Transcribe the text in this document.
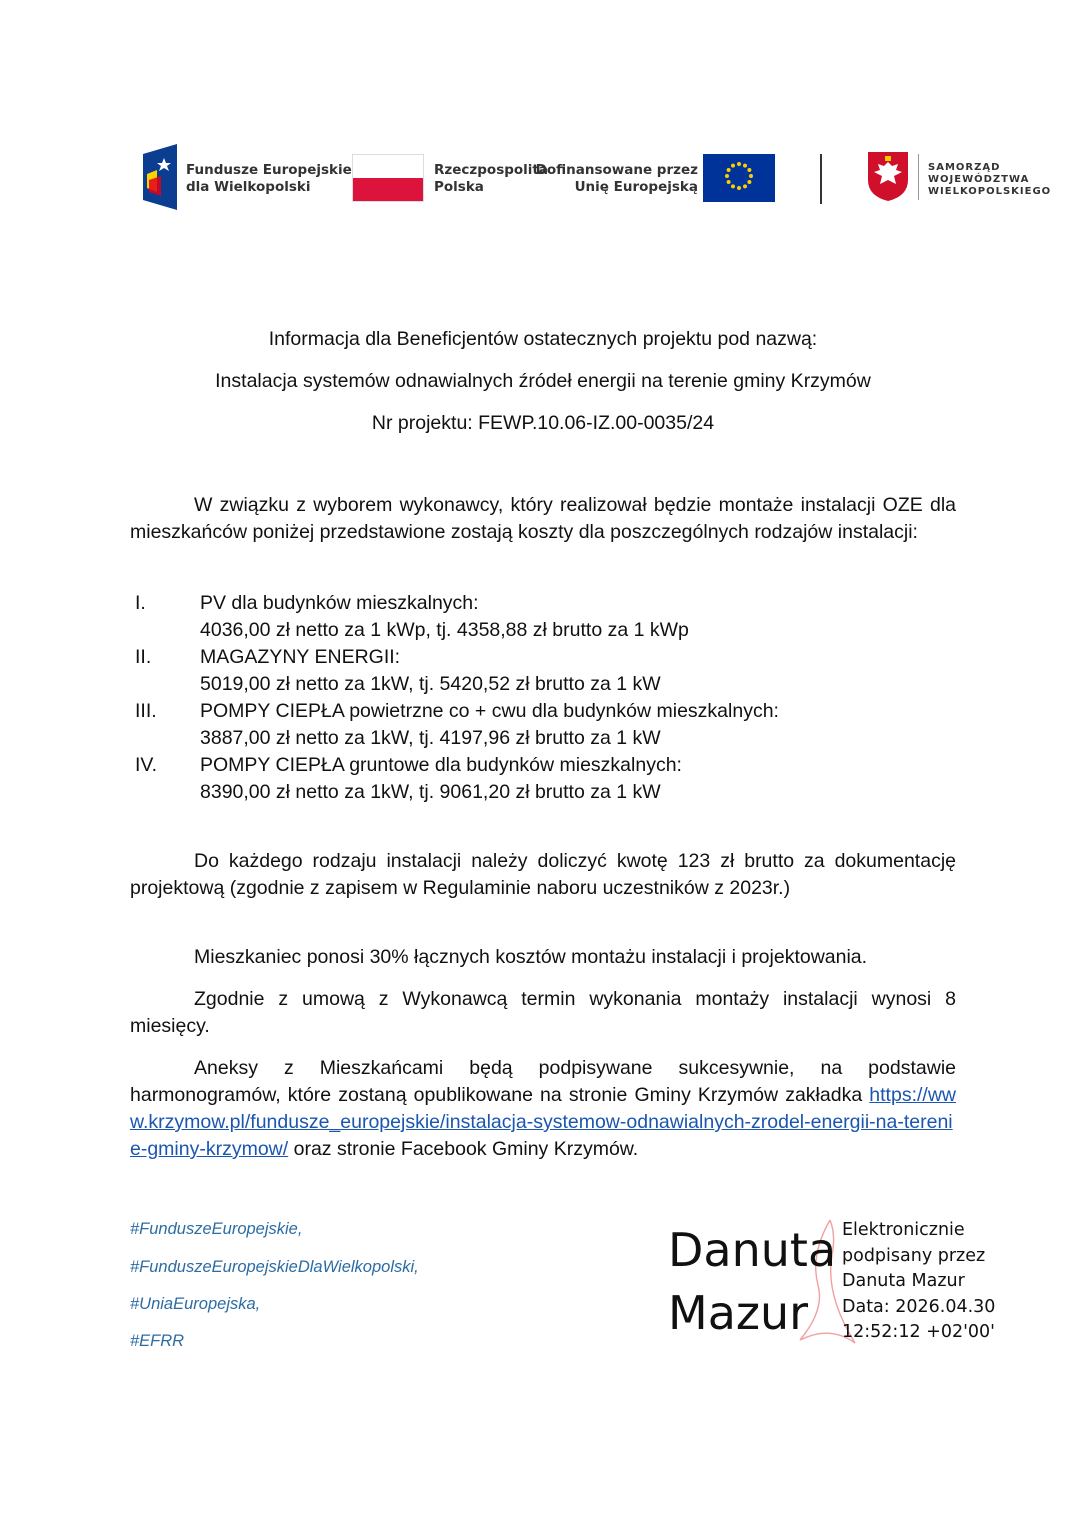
Fundusze Europejskie
dla Wielkopolski
Rzeczpospolita
Polska
Dofinansowane przez
Unię Europejską
SAMORZĄD
WOJEWÓDZTWA
WIELKOPOLSKIEGO
Informacja dla Beneficjentów ostatecznych projektu pod nazwą:
Instalacja systemów odnawialnych źródeł energii na terenie gminy Krzymów
Nr projektu: FEWP.10.06-IZ.00-0035/24
W związku z wyborem wykonawcy, który realizował będzie montaże instalacji OZE dla mieszkańców poniżej przedstawione zostają koszty dla poszczególnych rodzajów instalacji:
I.	PV dla budynków mieszkalnych:
4036,00 zł netto za 1 kWp, tj. 4358,88 zł brutto za 1 kWp
II. MAGAZYNY ENERGII:
5019,00 zł netto za 1kW, tj. 5420,52 zł brutto za 1 kW
III. POMPY CIEPŁA powietrzne co + cwu dla budynków mieszkalnych:
3887,00 zł netto za 1kW, tj. 4197,96 zł brutto za 1 kW
IV. POMPY CIEPŁA gruntowe dla budynków mieszkalnych:
8390,00 zł netto za 1kW, tj. 9061,20 zł brutto za 1 kW
Do każdego rodzaju instalacji należy doliczyć kwotę 123 zł brutto za dokumentację projektową (zgodnie z zapisem w Regulaminie naboru uczestników z 2023r.)
Mieszkaniec ponosi 30% łącznych kosztów montażu instalacji i projektowania.
Zgodnie z umową z Wykonawcą termin wykonania montaży instalacji wynosi 8 miesięcy.
Aneksy z Mieszkańcami będą podpisywane sukcesywnie, na podstawie harmonogramów, które zostaną opublikowane na stronie Gminy Krzymów zakładka https://www.krzymow.pl/fundusze_europejskie/instalacja-systemow-odnawialnych-zrodel-energii-na-terenie-gminy-krzymow/ oraz stronie Facebook Gminy Krzymów.
#FunduszeEuropejskie,
#FunduszeEuropejskieDlaWielkopolski,
#UniaEuropejska,
#EFRR
Danuta
Mazur
Elektronicznie
podpisany przez
Danuta Mazur
Data: 2026.04.30
12:52:12 +02'00'
